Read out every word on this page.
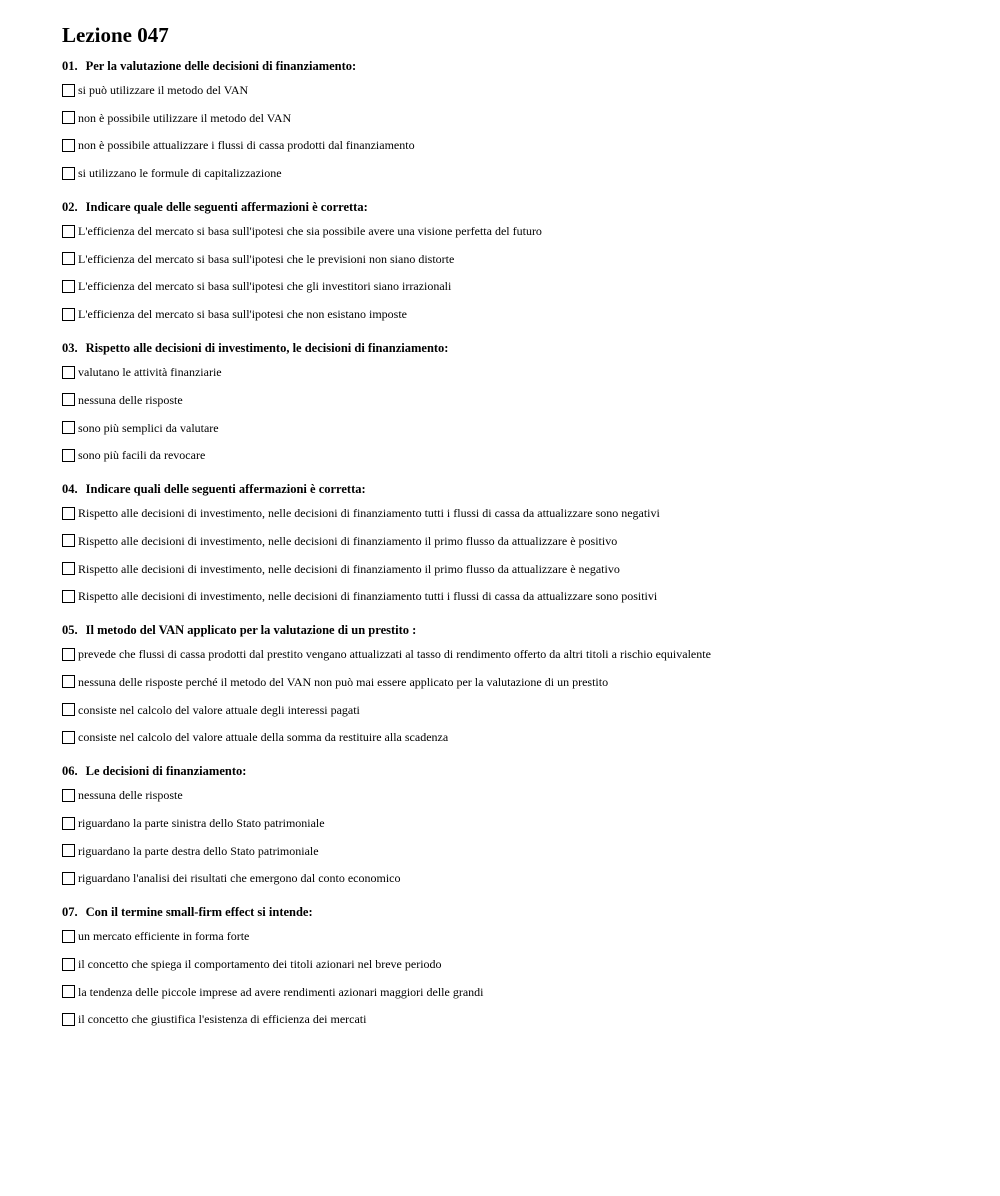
Lezione 047
01. Per la valutazione delle decisioni di finanziamento:
si può utilizzare il metodo del VAN
non è possibile utilizzare il metodo del VAN
non è possibile attualizzare i flussi di cassa prodotti dal finanziamento
si utilizzano le formule di capitalizzazione
02. Indicare quale delle seguenti affermazioni è corretta:
L'efficienza del mercato si basa sull'ipotesi che sia possibile avere una visione perfetta del futuro
L'efficienza del mercato si basa sull'ipotesi che le previsioni non siano distorte
L'efficienza del mercato si basa sull'ipotesi che gli investitori siano irrazionali
L'efficienza del mercato si basa sull'ipotesi che non esistano imposte
03. Rispetto alle decisioni di investimento, le decisioni di finanziamento:
valutano le attività finanziarie
nessuna delle risposte
sono più semplici da valutare
sono più facili da revocare
04. Indicare quali delle seguenti affermazioni è corretta:
Rispetto alle decisioni di investimento, nelle decisioni di finanziamento tutti i flussi di cassa da attualizzare sono negativi
Rispetto alle decisioni di investimento, nelle decisioni di finanziamento il primo flusso da attualizzare è positivo
Rispetto alle decisioni di investimento, nelle decisioni di finanziamento il primo flusso da attualizzare è negativo
Rispetto alle decisioni di investimento, nelle decisioni di finanziamento tutti i flussi di cassa da attualizzare sono positivi
05. Il metodo del VAN applicato per la valutazione di un prestito :
prevede che flussi di cassa prodotti dal prestito vengano attualizzati al tasso di rendimento offerto da altri titoli a rischio equivalente
nessuna delle risposte perché il metodo del VAN non può mai essere applicato per la valutazione di un prestito
consiste nel calcolo del valore attuale degli interessi pagati
consiste nel calcolo del valore attuale della somma da restituire alla scadenza
06. Le decisioni di finanziamento:
nessuna delle risposte
riguardano la parte sinistra dello Stato patrimoniale
riguardano la parte destra dello Stato patrimoniale
riguardano l'analisi dei risultati che emergono dal conto economico
07. Con il termine small-firm effect si intende:
un mercato efficiente in forma forte
il concetto che spiega il comportamento dei titoli azionari nel breve periodo
la tendenza delle piccole imprese ad avere rendimenti azionari maggiori delle grandi
il concetto che giustifica l'esistenza di efficienza dei mercati
